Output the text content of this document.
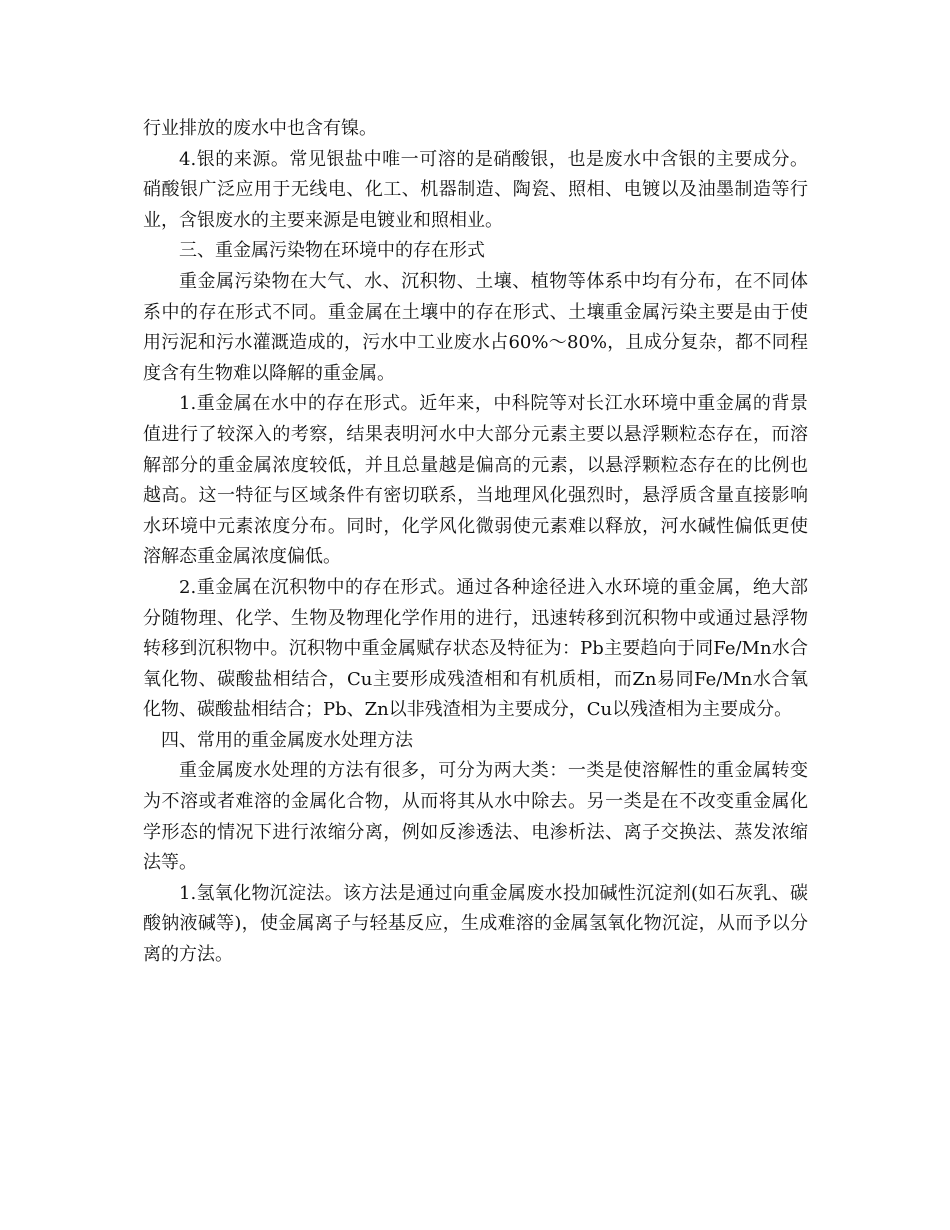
行业排放的废水中也含有镍。

4.银的来源。常见银盐中唯一可溶的是硝酸银，也是废水中含银的主要成分。硝酸银广泛应用于无线电、化工、机器制造、陶瓷、照相、电镀以及油墨制造等行业，含银废水的主要来源是电镀业和照相业。

三、重金属污染物在环境中的存在形式

重金属污染物在大气、水、沉积物、土壤、植物等体系中均有分布，在不同体系中的存在形式不同。重金属在土壤中的存在形式、土壤重金属污染主要是由于使用污泥和污水灌溉造成的，污水中工业废水占60%～80%，且成分复杂，都不同程度含有生物难以降解的重金属。

1.重金属在水中的存在形式。近年来，中科院等对长江水环境中重金属的背景值进行了较深入的考察，结果表明河水中大部分元素主要以悬浮颗粒态存在，而溶解部分的重金属浓度较低，并且总量越是偏高的元素，以悬浮颗粒态存在的比例也越高。这一特征与区域条件有密切联系，当地理风化强烈时，悬浮质含量直接影响水环境中元素浓度分布。同时，化学风化微弱使元素难以释放，河水碱性偏低更使溶解态重金属浓度偏低。

2.重金属在沉积物中的存在形式。通过各种途径进入水环境的重金属，绝大部分随物理、化学、生物及物理化学作用的进行，迅速转移到沉积物中或通过悬浮物转移到沉积物中。沉积物中重金属赋存状态及特征为：Pb主要趋向于同Fe/Mn水合氧化物、碳酸盐相结合，Cu主要形成残渣相和有机质相，而Zn易同Fe/Mn水合氧化物、碳酸盐相结合；Pb、Zn以非残渣相为主要成分，Cu以残渣相为主要成分。

四、常用的重金属废水处理方法

重金属废水处理的方法有很多，可分为两大类：一类是使溶解性的重金属转变为不溶或者难溶的金属化合物，从而将其从水中除去。另一类是在不改变重金属化学形态的情况下进行浓缩分离，例如反渗透法、电渗析法、离子交换法、蒸发浓缩法等。

1.氢氧化物沉淀法。该方法是通过向重金属废水投加碱性沉淀剂(如石灰乳、碳酸钠液碱等)，使金属离子与轻基反应，生成难溶的金属氢氧化物沉淀，从而予以分离的方法。
